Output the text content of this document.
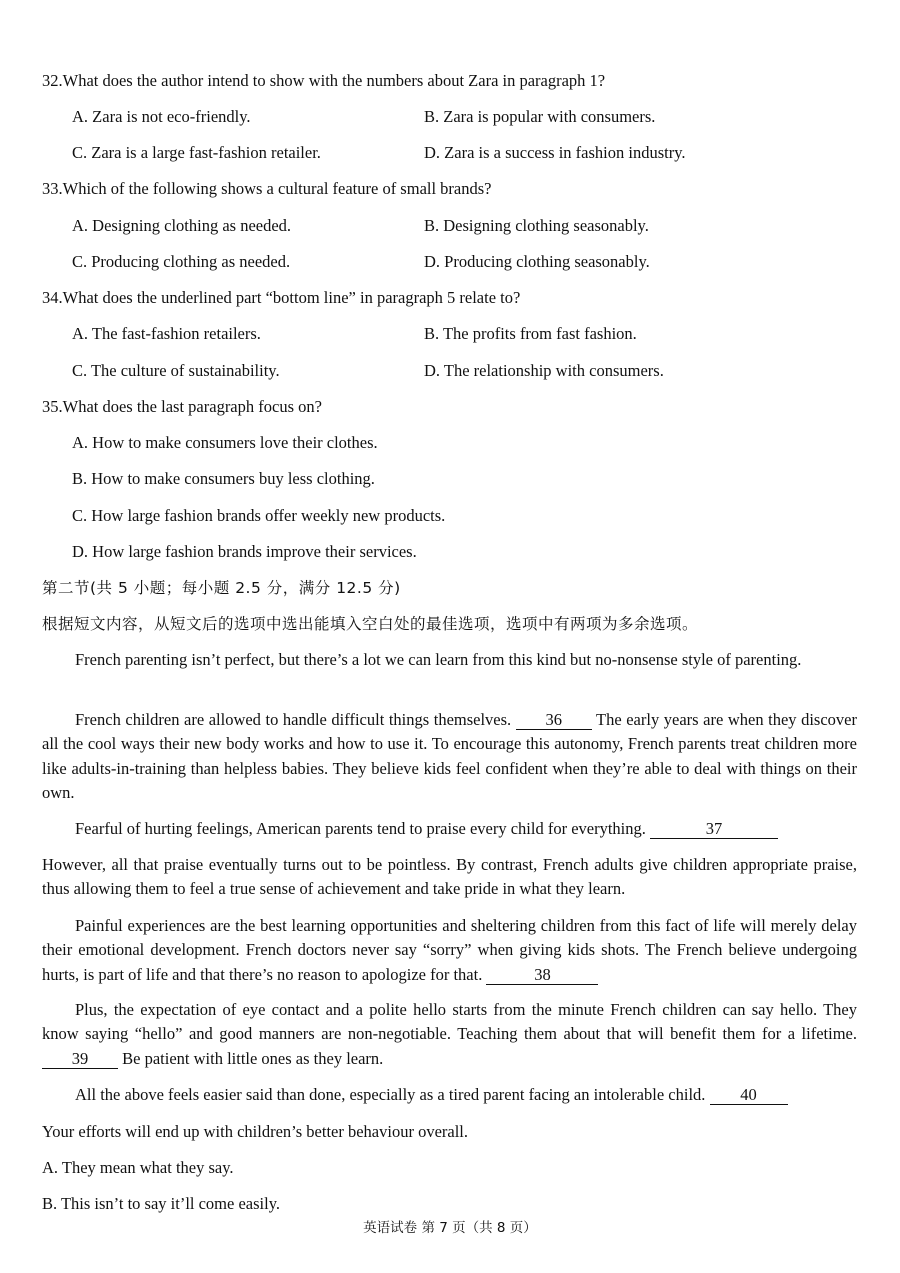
32.What does the author intend to show with the numbers about Zara in paragraph 1?
A. Zara is not eco-friendly.	B. Zara is popular with consumers.
C. Zara is a large fast-fashion retailer.	D. Zara is a success in fashion industry.
33.Which of the following shows a cultural feature of small brands?
A. Designing clothing as needed.	B. Designing clothing seasonably.
C. Producing clothing as needed.	D. Producing clothing seasonably.
34.What does the underlined part “bottom line” in paragraph 5 relate to?
A. The fast-fashion retailers.	B. The profits from fast fashion.
C. The culture of sustainability.	D. The relationship with consumers.
35.What does the last paragraph focus on?
A. How to make consumers love their clothes.
B. How to make consumers buy less clothing.
C. How large fashion brands offer weekly new products.
D. How large fashion brands improve their services.
第二节(共 5 小题；每小题 2.5 分，满分 12.5 分)
根据短文内容，从短文后的选项中选出能填入空白处的最佳选项，选项中有两项为多余选项。
French parenting isn’t perfect, but there’s a lot we can learn from this kind but no-nonsense style of parenting.
French children are allowed to handle difficult things themselves. 36 The early years are when they discover all the cool ways their new body works and how to use it. To encourage this autonomy, French parents treat children more like adults-in-training than helpless babies. They believe kids feel confident when they’re able to deal with things on their own.
Fearful of hurting feelings, American parents tend to praise every child for everything.	37
However, all that praise eventually turns out to be pointless. By contrast, French adults give children appropriate praise, thus allowing them to feel a true sense of achievement and take pride in what they learn.
Painful experiences are the best learning opportunities and sheltering children from this fact of life will merely delay their emotional development. French doctors never say “sorry” when giving kids shots. The French believe undergoing hurts, is part of life and that there’s no reason to apologize for that.	38
Plus, the expectation of eye contact and a polite hello starts from the minute French children can say hello. They know saying “hello” and good manners are non-negotiable. Teaching them about that will benefit them for a lifetime. 39 Be patient with little ones as they learn.
All the above feels easier said than done, especially as a tired parent facing an intolerable child. 40
Your efforts will end up with children’s better behaviour overall.
A. They mean what they say.
B. This isn’t to say it’ll come easily.
英语试卷 第 7 页（共 8 页）
